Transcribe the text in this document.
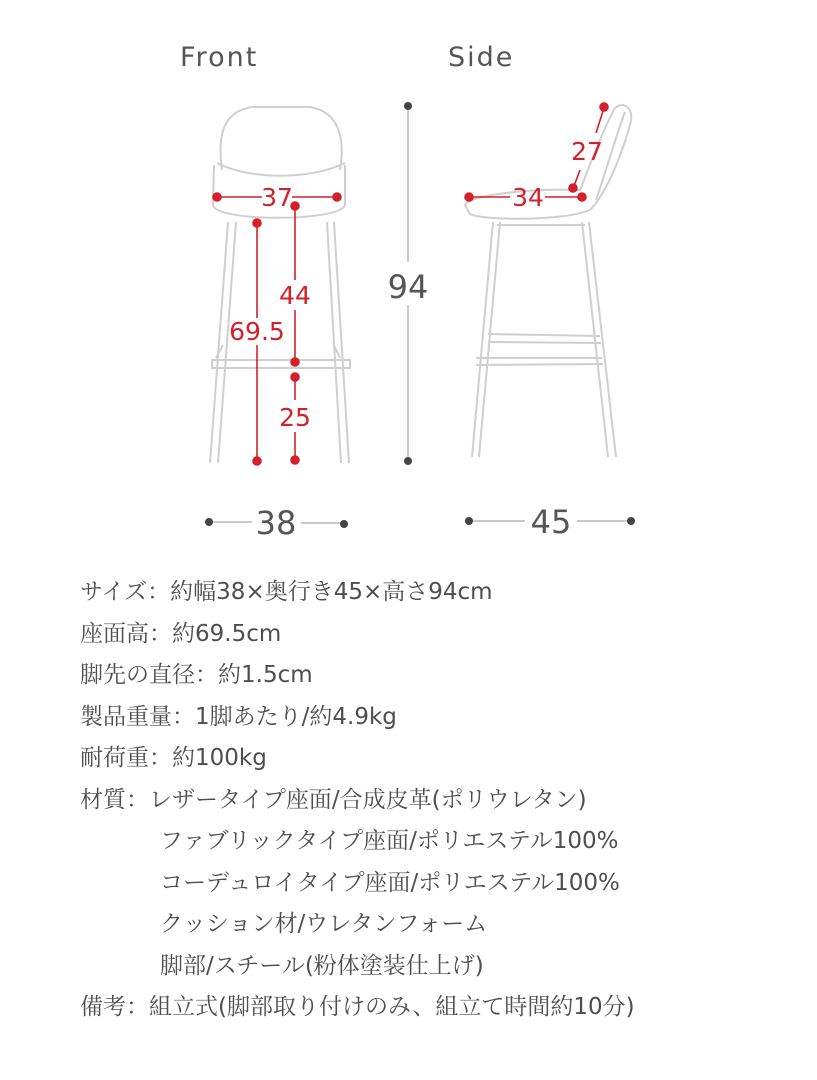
Front	Side
37
44
69.5
25
94
34
27
38	45
サイズ：約幅38×奥行き45×高さ94cm
座面高：約69.5cm
脚先の直径：約1.5cm
製品重量：1脚あたり/約4.9kg
耐荷重：約100kg
材質：レザータイプ座面/合成皮革(ポリウレタン)
ファブリックタイプ座面/ポリエステル100%
コーデュロイタイプ座面/ポリエステル100%
クッション材/ウレタンフォーム
脚部/スチール(粉体塗装仕上げ)
備考：組立式(脚部取り付けのみ、組立て時間約10分)
